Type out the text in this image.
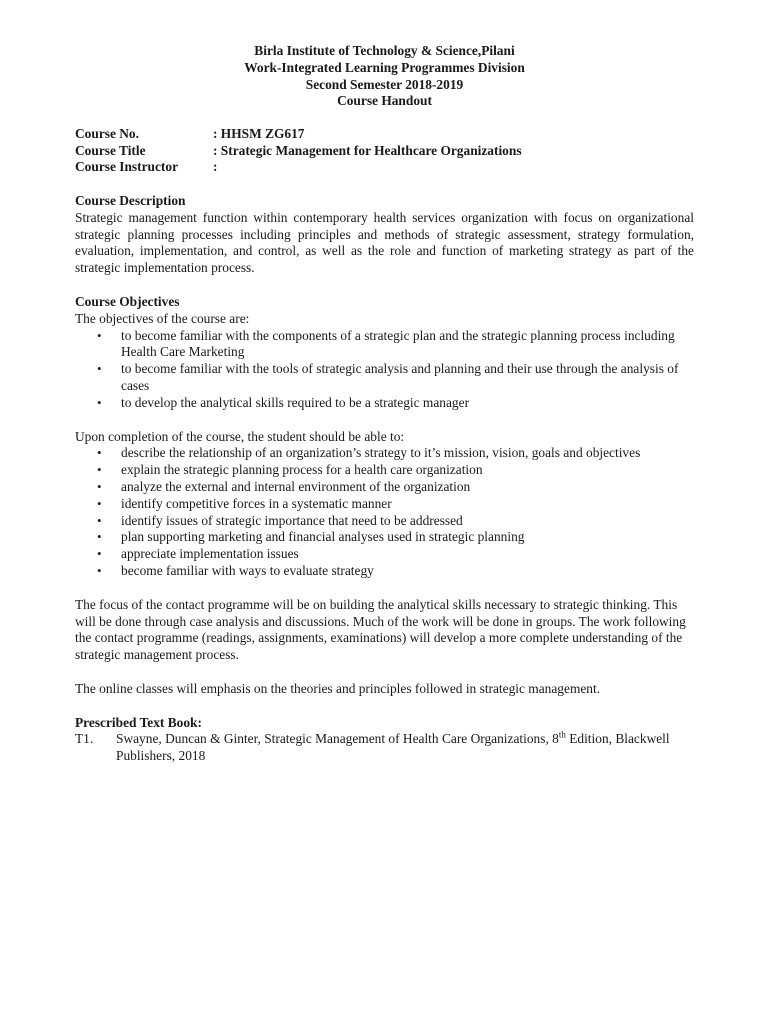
Birla Institute of Technology & Science,Pilani
Work-Integrated Learning Programmes Division
Second Semester 2018-2019
Course Handout
Course No.	: HHSM ZG617
Course Title	: Strategic Management for Healthcare Organizations
Course Instructor	:
Course Description
Strategic management function within contemporary health services organization with focus on organizational strategic planning processes including principles and methods of strategic assessment, strategy formulation, evaluation, implementation, and control, as well as the role and function of marketing strategy as part of the strategic implementation process.
Course Objectives
The objectives of the course are:
• to become familiar with the components of a strategic plan and the strategic planning process including Health Care Marketing
• to become familiar with the tools of strategic analysis and planning and their use through the analysis of cases
• to develop the analytical skills required to be a strategic manager
Upon completion of the course, the student should be able to:
• describe the relationship of an organization’s strategy to it’s mission, vision, goals and objectives
• explain the strategic planning process for a health care organization
• analyze the external and internal environment of the organization
• identify competitive forces in a systematic manner
• identify issues of strategic importance that need to be addressed
• plan supporting marketing and financial analyses used in strategic planning
• appreciate implementation issues
• become familiar with ways to evaluate strategy
The focus of the contact programme will be on building the analytical skills necessary to strategic thinking. This will be done through case analysis and discussions. Much of the work will be done in groups. The work following the contact programme (readings, assignments, examinations) will develop a more complete understanding of the strategic management process.
The online classes will emphasis on the theories and principles followed in strategic management.
Prescribed Text Book:
T1.	Swayne, Duncan & Ginter, Strategic Management of Health Care Organizations, 8th Edition, Blackwell Publishers, 2018
